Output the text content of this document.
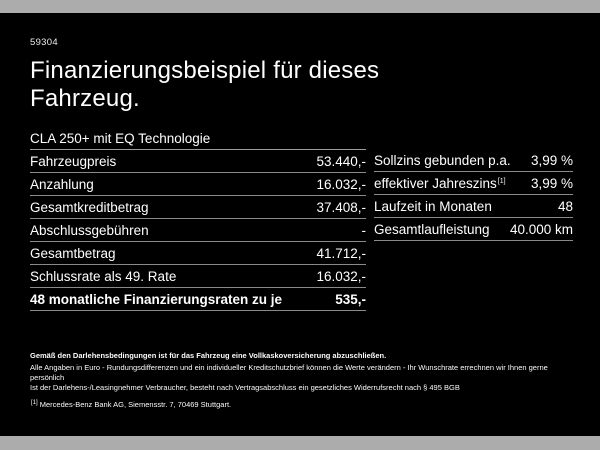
59304
Finanzierungsbeispiel für dieses
Fahrzeug.
CLA 250+ mit EQ Technologie
Fahrzeugpreis	53.440,-
Anzahlung	16.032,-
Gesamtkreditbetrag	37.408,-
Abschlussgebühren	-
Gesamtbetrag	41.712,-
Schlussrate als 49. Rate	16.032,-
48 monatliche Finanzierungsraten zu je	535,-
Sollzins gebunden p.a. 3,99 %
effektiver Jahreszins[1] 3,99 %
Laufzeit in Monaten	48
Gesamtlaufleistung 40.000 km

Gemäß den Darlehensbedingungen ist für das Fahrzeug eine Vollkaskoversicherung abzuschließen.

Alle Angaben in Euro - Rundungsdifferenzen und ein individueller Kreditschutzbrief können die Werte verändern - Ihr Wunschrate errechnen wir Ihnen gerne persönlich

Ist der Darlehens-/Leasingnehmer Verbraucher, besteht nach Vertragsabschluss ein gesetzliches Widerrufsrecht nach § 495 BGB

[1] Mercedes-Benz Bank AG, Siemensstr. 7, 70469 Stuttgart.
